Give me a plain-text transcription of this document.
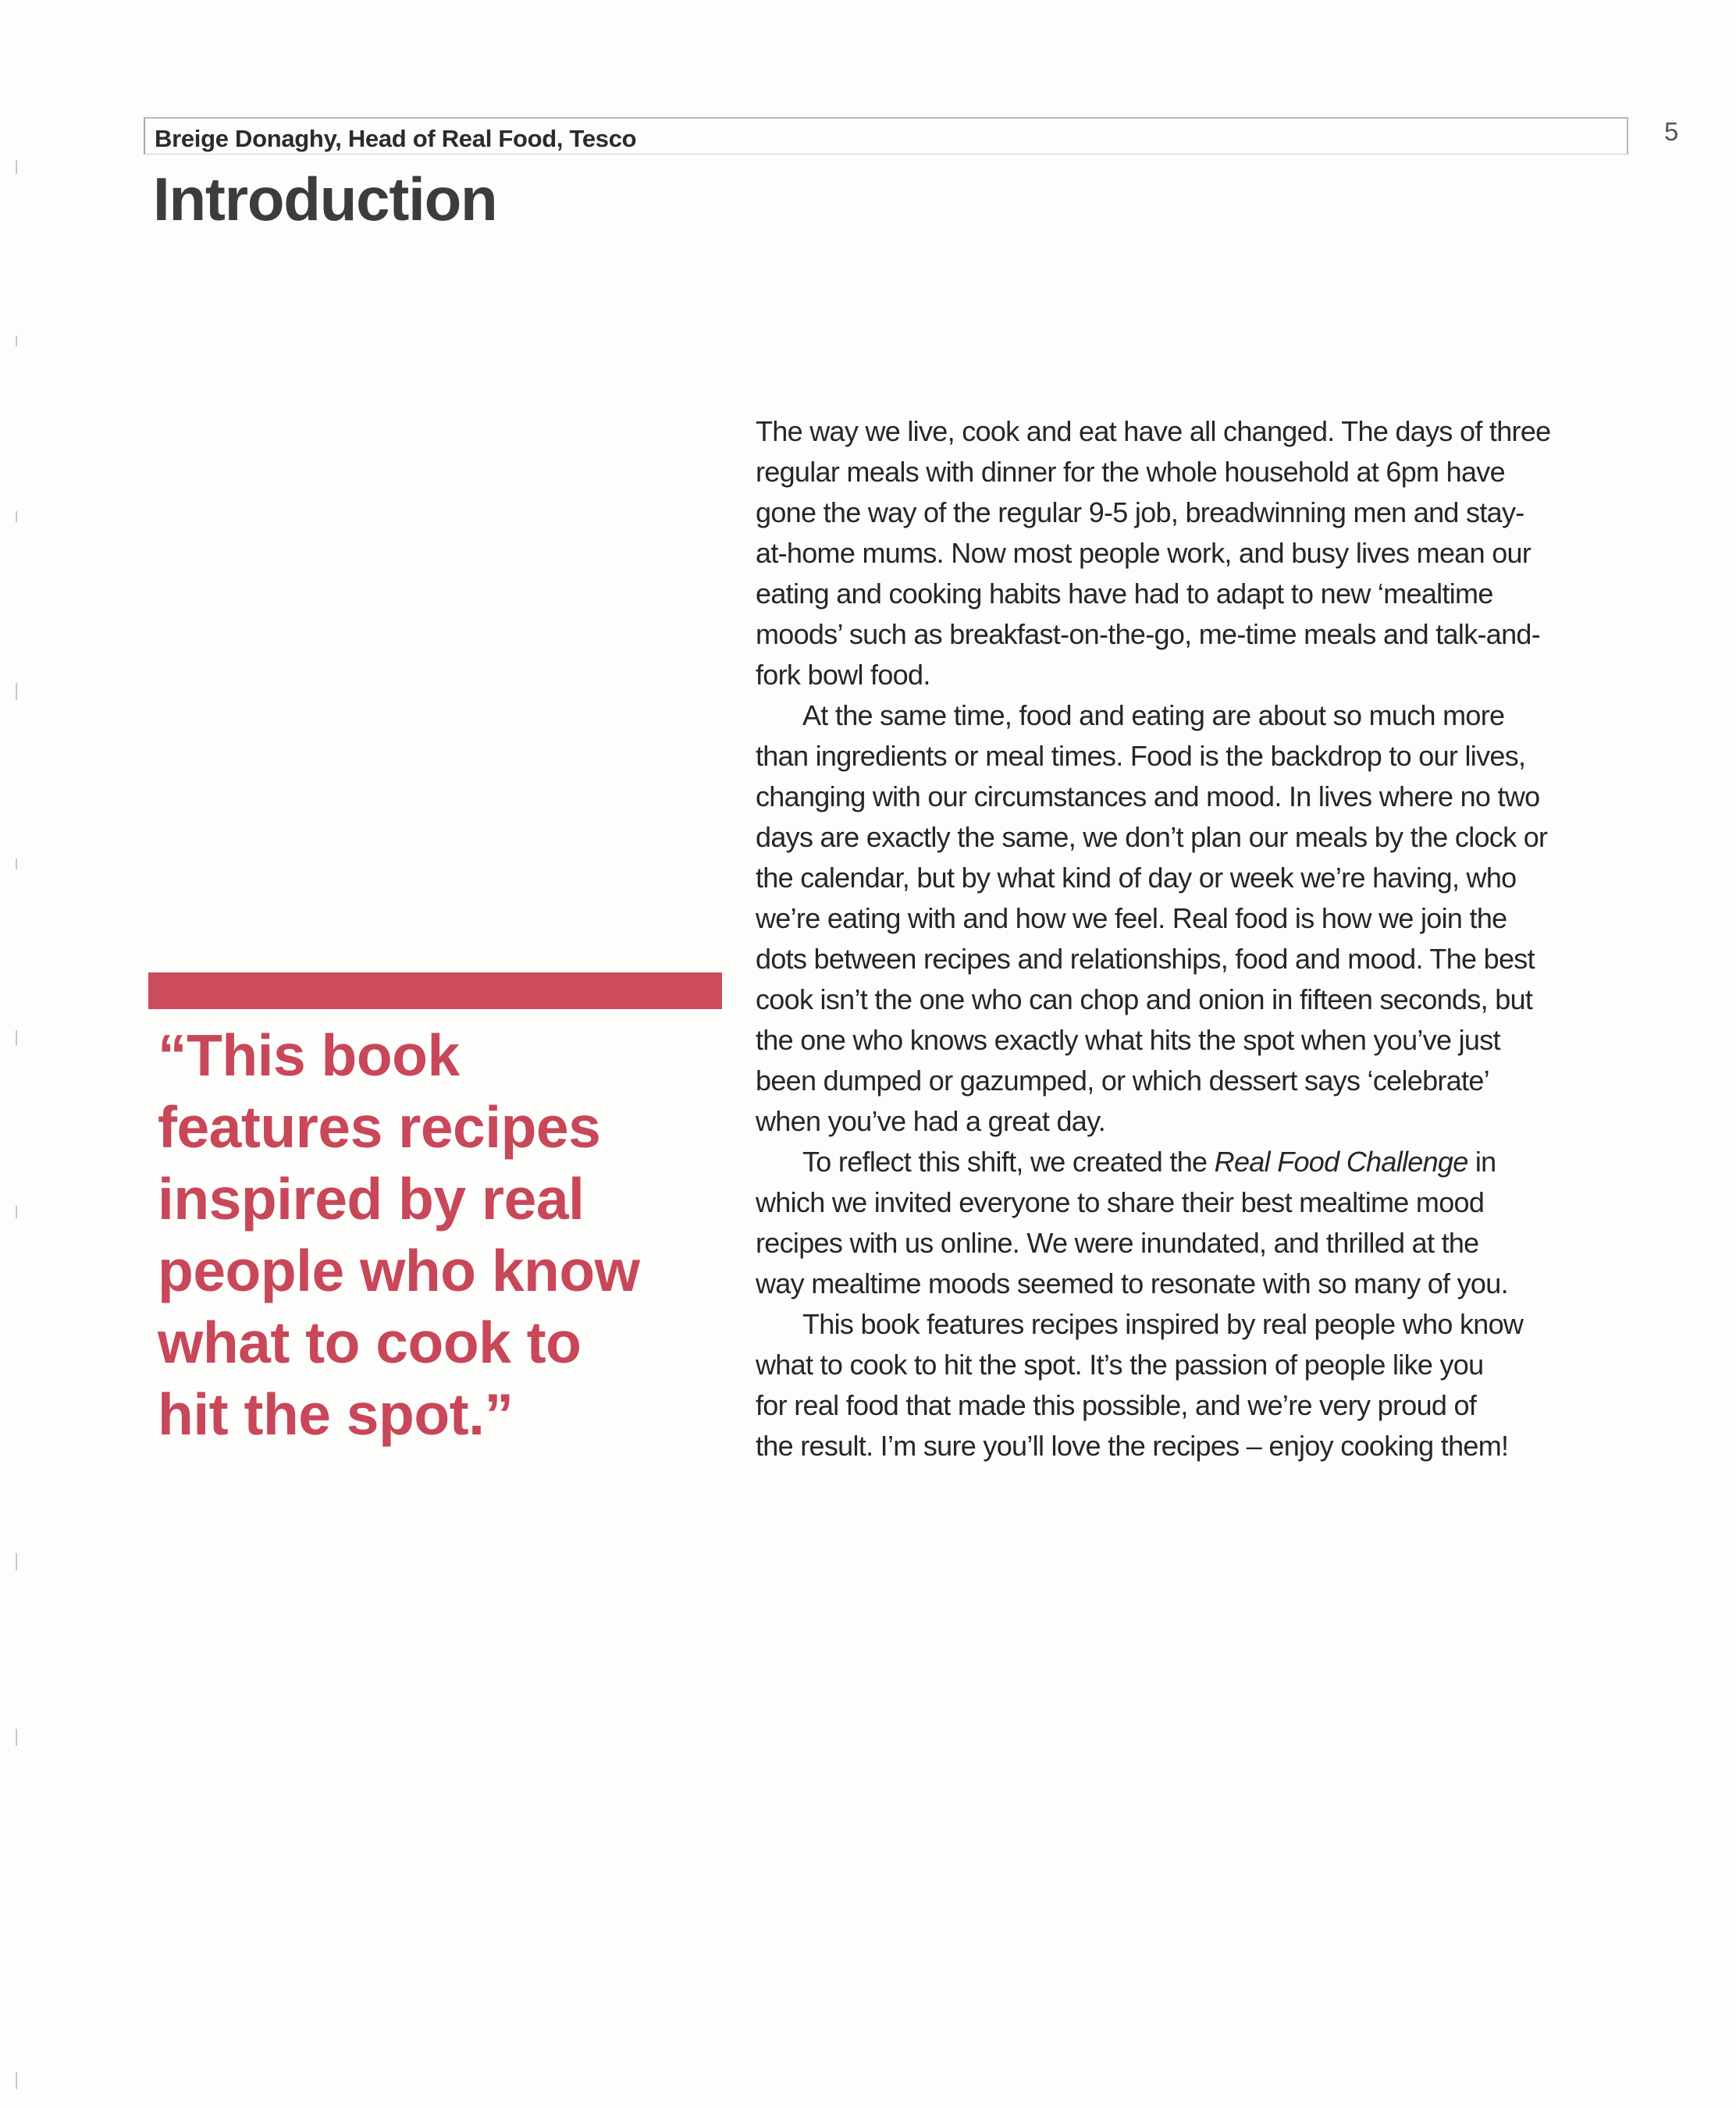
Breige Donaghy, Head of Real Food, Tesco	5
Introduction

“This book
features recipes
inspired by real
people who know
what to cook to
hit the spot.”

The way we live, cook and eat have all changed. The days of three
regular meals with dinner for the whole household at 6pm have
gone the way of the regular 9-5 job, breadwinning men and stay-
at-home mums. Now most people work, and busy lives mean our
eating and cooking habits have had to adapt to new ‘mealtime
moods’ such as breakfast-on-the-go, me-time meals and talk-and-
fork bowl food.
At the same time, food and eating are about so much more
than ingredients or meal times. Food is the backdrop to our lives,
changing with our circumstances and mood. In lives where no two
days are exactly the same, we don’t plan our meals by the clock or
the calendar, but by what kind of day or week we’re having, who
we’re eating with and how we feel. Real food is how we join the
dots between recipes and relationships, food and mood. The best
cook isn’t the one who can chop and onion in fifteen seconds, but
the one who knows exactly what hits the spot when you’ve just
been dumped or gazumped, or which dessert says ‘celebrate’
when you’ve had a great day.
To reflect this shift, we created the Real Food Challenge in
which we invited everyone to share their best mealtime mood
recipes with us online. We were inundated, and thrilled at the
way mealtime moods seemed to resonate with so many of you.
This book features recipes inspired by real people who know
what to cook to hit the spot. It’s the passion of people like you
for real food that made this possible, and we’re very proud of
the result. I’m sure you’ll love the recipes – enjoy cooking them!
